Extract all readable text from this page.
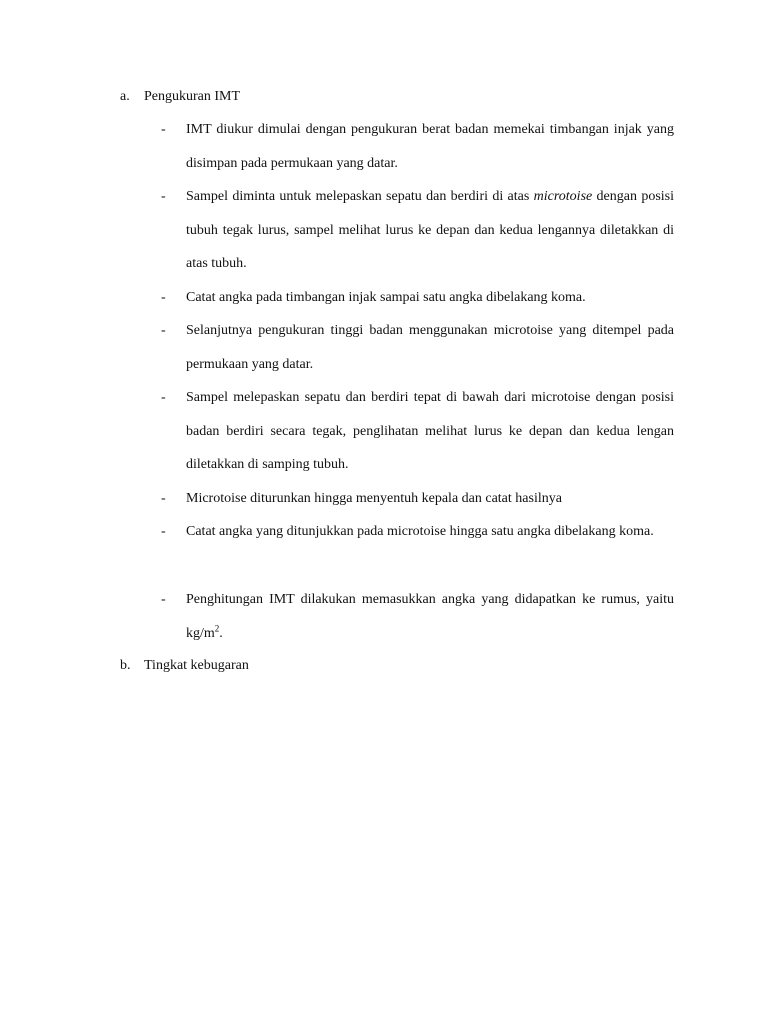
a. Pengukuran IMT
- IMT diukur dimulai dengan pengukuran berat badan memekai timbangan injak yang disimpan pada permukaan yang datar.
- Sampel diminta untuk melepaskan sepatu dan berdiri di atas microtoise dengan posisi tubuh tegak lurus, sampel melihat lurus ke depan dan kedua lengannya diletakkan di atas tubuh.
- Catat angka pada timbangan injak sampai satu angka dibelakang koma.
- Selanjutnya pengukuran tinggi badan menggunakan microtoise yang ditempel pada permukaan yang datar.
- Sampel melepaskan sepatu dan berdiri tepat di bawah dari microtoise dengan posisi badan berdiri secara tegak, penglihatan melihat lurus ke depan dan kedua lengan diletakkan di samping tubuh.
- Microtoise diturunkan hingga menyentuh kepala dan catat hasilnya
- Catat angka yang ditunjukkan pada microtoise hingga satu angka dibelakang koma.
- Penghitungan IMT dilakukan memasukkan angka yang didapatkan ke rumus, yaitu $kg/m^2$.
b. Tingkat kebugaran
